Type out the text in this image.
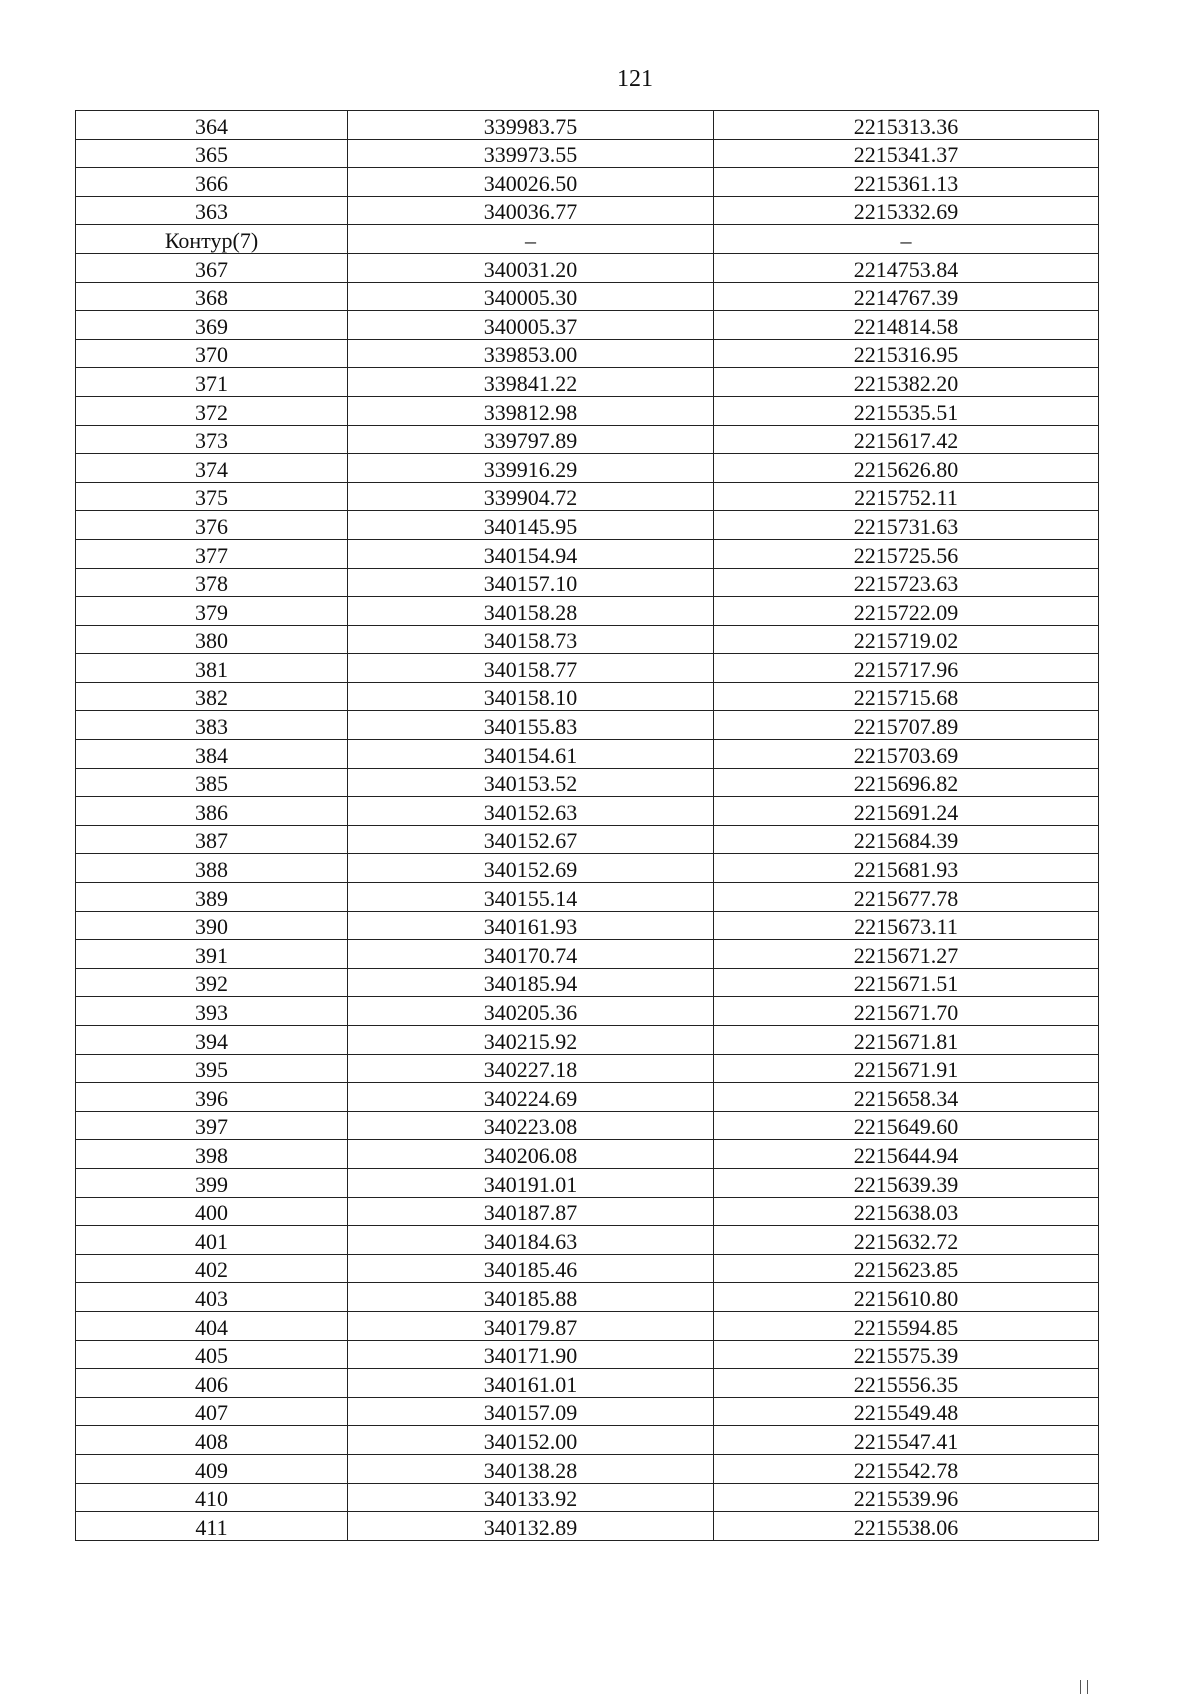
121
364	339983.75	2215313.36
365	339973.55	2215341.37
366	340026.50	2215361.13
363	340036.77	2215332.69
Контур(7)	–	–
367	340031.20	2214753.84
368	340005.30	2214767.39
369	340005.37	2214814.58
370	339853.00	2215316.95
371	339841.22	2215382.20
372	339812.98	2215535.51
373	339797.89	2215617.42
374	339916.29	2215626.80
375	339904.72	2215752.11
376	340145.95	2215731.63
377	340154.94	2215725.56
378	340157.10	2215723.63
379	340158.28	2215722.09
380	340158.73	2215719.02
381	340158.77	2215717.96
382	340158.10	2215715.68
383	340155.83	2215707.89
384	340154.61	2215703.69
385	340153.52	2215696.82
386	340152.63	2215691.24
387	340152.67	2215684.39
388	340152.69	2215681.93
389	340155.14	2215677.78
390	340161.93	2215673.11
391	340170.74	2215671.27
392	340185.94	2215671.51
393	340205.36	2215671.70
394	340215.92	2215671.81
395	340227.18	2215671.91
396	340224.69	2215658.34
397	340223.08	2215649.60
398	340206.08	2215644.94
399	340191.01	2215639.39
400	340187.87	2215638.03
401	340184.63	2215632.72
402	340185.46	2215623.85
403	340185.88	2215610.80
404	340179.87	2215594.85
405	340171.90	2215575.39
406	340161.01	2215556.35
407	340157.09	2215549.48
408	340152.00	2215547.41
409	340138.28	2215542.78
410	340133.92	2215539.96
411	340132.89	2215538.06
